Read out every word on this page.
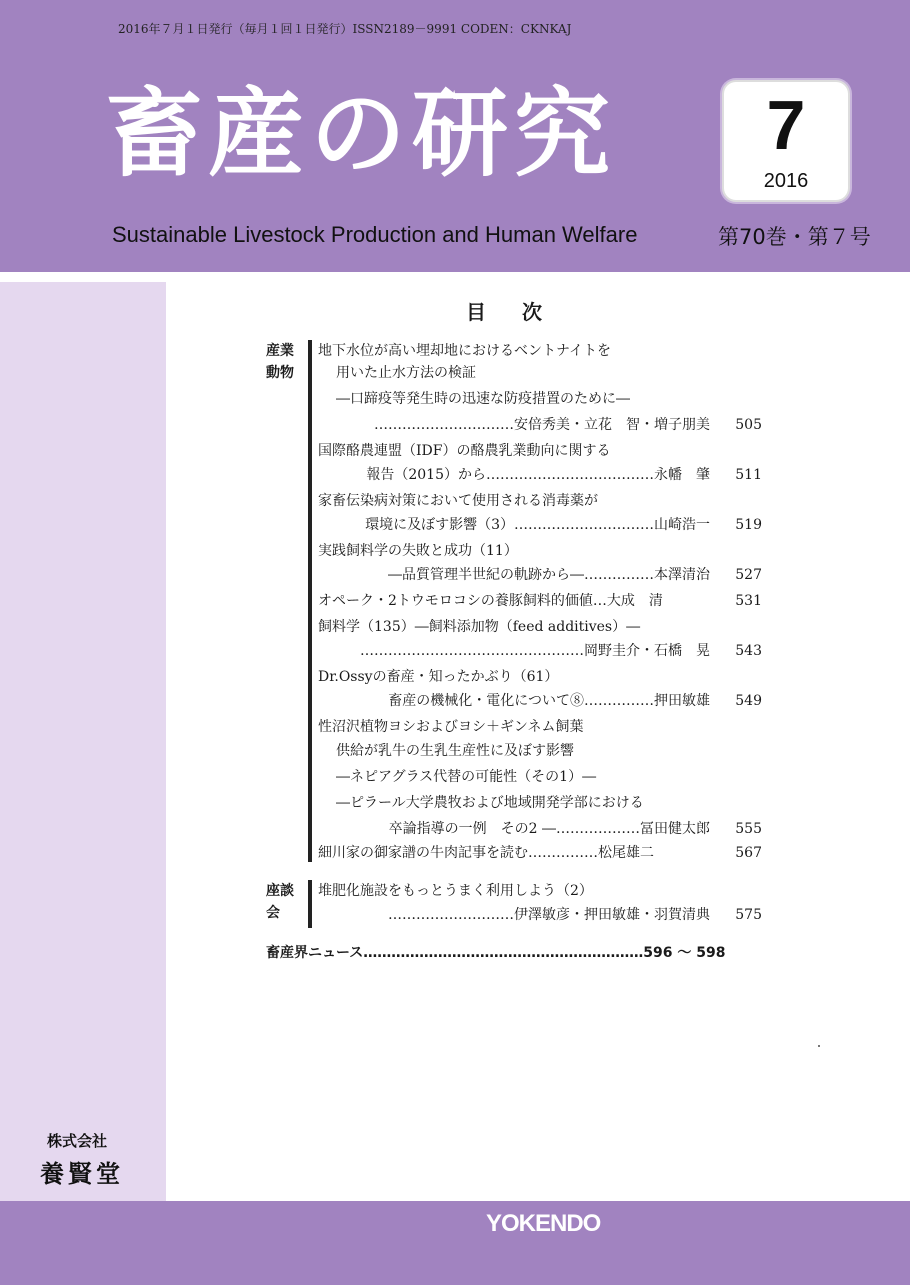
2016年７月１日発行（毎月１回１日発行）ISSN2189－9991 CODEN：CKNKAJ
畜産の研究	7
2016
Sustainable Livestock Production and Human Welfare	第70巻・第７号
株式会社
養賢堂
目次
産業
動物
地下水位が高い埋却地におけるベントナイトを
用いた止水方法の検証
―口蹄疫等発生時の迅速な防疫措置のために―
…………………………安倍秀美・立花　智・増子朋美	505
国際酪農連盟（IDF）の酪農乳業動向に関する
報告（2015）から………………………………永幡　肇	511
家畜伝染病対策において使用される消毒薬が
環境に及ぼす影響（3）…………………………山崎浩一	519
実践飼料学の失敗と成功（11）
―品質管理半世紀の軌跡から―……………本澤清治	527
オペーク・2トウモロコシの養豚飼料的価値…大成　清	531
飼料学（135）―飼料添加物（feed additives）―
…………………………………………岡野圭介・石橋　晃	543
Dr.Ossyの畜産・知ったかぶり（61）
畜産の機械化・電化について⑧……………押田敏雄	549
性沼沢植物ヨシおよびヨシ＋ギンネム飼葉
供給が乳牛の生乳生産性に及ぼす影響
―ネピアグラス代替の可能性（その1）―
―ピラール大学農牧および地域開発学部における
卒論指導の一例　その2 ―………………冨田健太郎	555
細川家の御家譜の牛肉記事を読む……………松尾雄二	567
座談
会
堆肥化施設をもっとうまく利用しよう（2）
………………………伊澤敏彦・押田敏雄・羽賀清典	575
畜産界ニュース……………………………………………………596 ～ 598
YOKENDO
